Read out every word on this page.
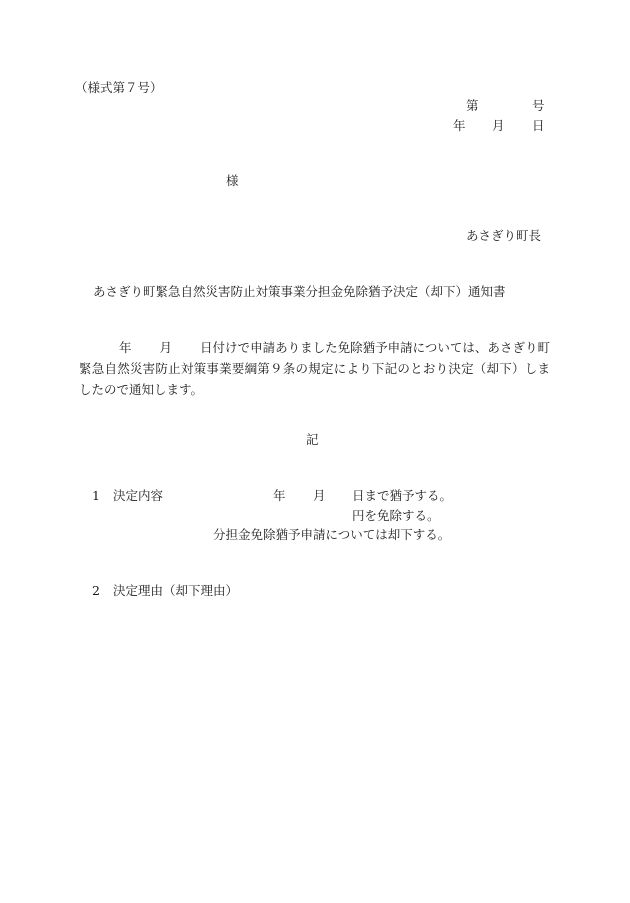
（様式第７号）
第	号
年 月 日
様
あさぎり町長
あさぎり町緊急自然災害防止対策事業分担金免除猶予決定（却下）通知書
年 月 日付けで申請ありました免除猶予申請については、あさぎり町緊急自然災害防止対策事業要綱第９条の規定により下記のとおり決定（却下）しましたので通知します。
記
1 決定内容	年 月 日まで猶予する。
円を免除する。
分担金免除猶予申請については却下する。
2 決定理由（却下理由）
